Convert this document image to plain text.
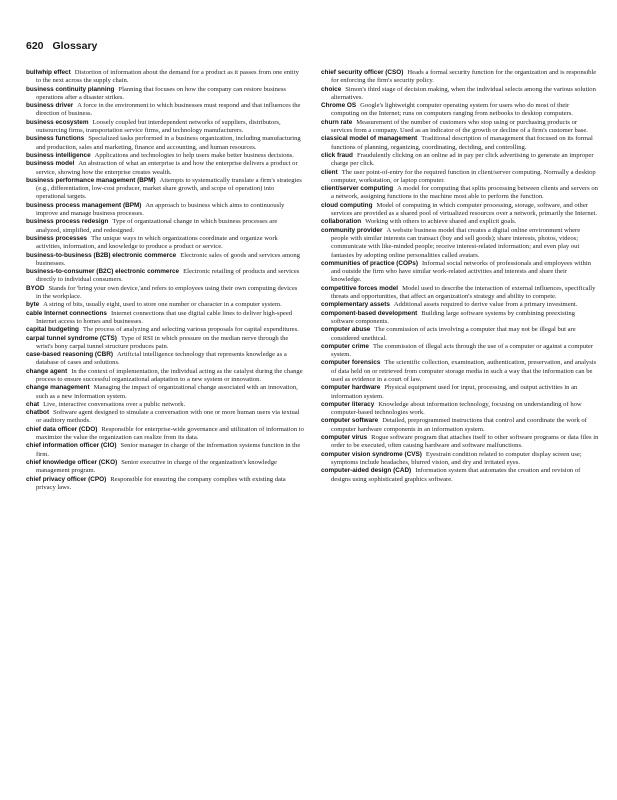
620 Glossary

bullwhip effect Distortion of information about the demand for a product as it passes from one entity to the next across the supply chain.

business continuity planning Planning that focuses on how the company can restore business operations after a disaster strikes.

business driver A force in the environment to which businesses must respond and that influences the direction of business.

business ecosystem Loosely coupled but interdependent networks of suppliers, distributors, outsourcing firms, transportation service firms, and technology manufacturers.

business functions Specialized tasks performed in a business organization, including manufacturing and production, sales and marketing, finance and accounting, and human resources.

business intelligence Applications and technologies to help users make better business decisions.

business model An abstraction of what an enterprise is and how the enterprise delivers a product or service, showing how the enterprise creates wealth.

business performance management (BPM) Attempts to systematically translate a firm's strategies (e.g., differentiation, low-cost producer, market share growth, and scope of operation) into operational targets.

business process management (BPM) An approach to business which aims to continuously improve and manage business processes.

business process redesign Type of organizational change in which business processes are analyzed, simplified, and redesigned.

business processes The unique ways in which organizations coordinate and organize work activities, information, and knowledge to produce a product or service.

business-to-business (B2B) electronic commerce Electronic sales of goods and services among businesses.

business-to-consumer (B2C) electronic commerce Electronic retailing of products and services directly to individual consumers.

BYOD Stands for 'bring your own device,'and refers to employees using their own computing devices in the workplace.

byte A string of bits, usually eight, used to store one number or character in a computer system.

cable Internet connections Internet connections that use digital cable lines to deliver high-speed Internet access to homes and businesses.

capital budgeting The process of analyzing and selecting various proposals for capital expenditures.

carpal tunnel syndrome (CTS) Type of RSI in which pressure on the median nerve through the wrist's bony carpal tunnel structure produces pain.

case-based reasoning (CBR) Artificial intelligence technology that represents knowledge as a database of cases and solutions.

change agent In the context of implementation, the individual acting as the catalyst during the change process to ensure successful organizational adaptation to a new system or innovation.

change management Managing the impact of organizational change associated with an innovation, such as a new information system.

chat Live, interactive conversations over a public network.

chatbot Software agent designed to simulate a conversation with one or more human users via textual or auditory methods.

chief data officer (CDO) Responsible for enterprise-wide governance and utilization of information to maximize the value the organization can realize from its data.

chief information officer (CIO) Senior manager in charge of the information systems function in the firm.

chief knowledge officer (CKO) Senior executive in charge of the organization's knowledge management program.

chief privacy officer (CPO) Responsible for ensuring the company complies with existing data privacy laws.

chief security officer (CSO) Heads a formal security function for the organization and is responsible for enforcing the firm's security policy.

choice Simon's third stage of decision making, when the individual selects among the various solution alternatives.

Chrome OS Google's lightweight computer operating system for users who do most of their computing on the Internet; runs on computers ranging from netbooks to desktop computers.

churn rate Measurement of the number of customers who stop using or purchasing products or services from a company. Used as an indicator of the growth or decline of a firm's customer base.

classical model of management Traditional description of management that focused on its formal functions of planning, organizing, coordinating, deciding, and controlling.

click fraud Fraudulently clicking on an online ad in pay per click advertising to generate an improper charge per click.

client The user point-of-entry for the required function in client/server computing. Normally a desktop computer, workstation, or laptop computer.

client/server computing A model for computing that splits processing between clients and servers on a network, assigning functions to the machine most able to perform the function.

cloud computing Model of computing in which computer processing, storage, software, and other services are provided as a shared pool of virtualized resources over a network, primarily the Internet.

collaboration Working with others to achieve shared and explicit goals.

community provider A website business model that creates a digital online environment where people with similar interests can transact (buy and sell goods); share interests, photos, videos; communicate with like-minded people; receive interest-related information; and even play out fantasies by adopting online personalities called avatars.

communities of practice (COPs) Informal social networks of professionals and employees within and outside the firm who have similar work-related activities and interests and share their knowledge.

competitive forces model Model used to describe the interaction of external influences, specifically threats and opportunities, that affect an organization's strategy and ability to compete.

complementary assets Additional assets required to derive value from a primary investment.

component-based development Building large software systems by combining preexisting software components.

computer abuse The commission of acts involving a computer that may not be illegal but are considered unethical.

computer crime The commission of illegal acts through the use of a computer or against a computer system.

computer forensics The scientific collection, examination, authentication, preservation, and analysis of data held on or retrieved from computer storage media in such a way that the information can be used as evidence in a court of law.

computer hardware Physical equipment used for input, processing, and output activities in an information system.

computer literacy Knowledge about information technology, focusing on understanding of how computer-based technologies work.

computer software Detailed, preprogrammed instructions that control and coordinate the work of computer hardware components in an information system.

computer virus Rogue software program that attaches itself to other software programs or data files in order to be executed, often causing hardware and software malfunctions.

computer vision syndrome (CVS) Eyestrain condition related to computer display screen use; symptoms include headaches, blurred vision, and dry and irritated eyes.

computer-aided design (CAD) Information system that automates the creation and revision of designs using sophisticated graphics software.
